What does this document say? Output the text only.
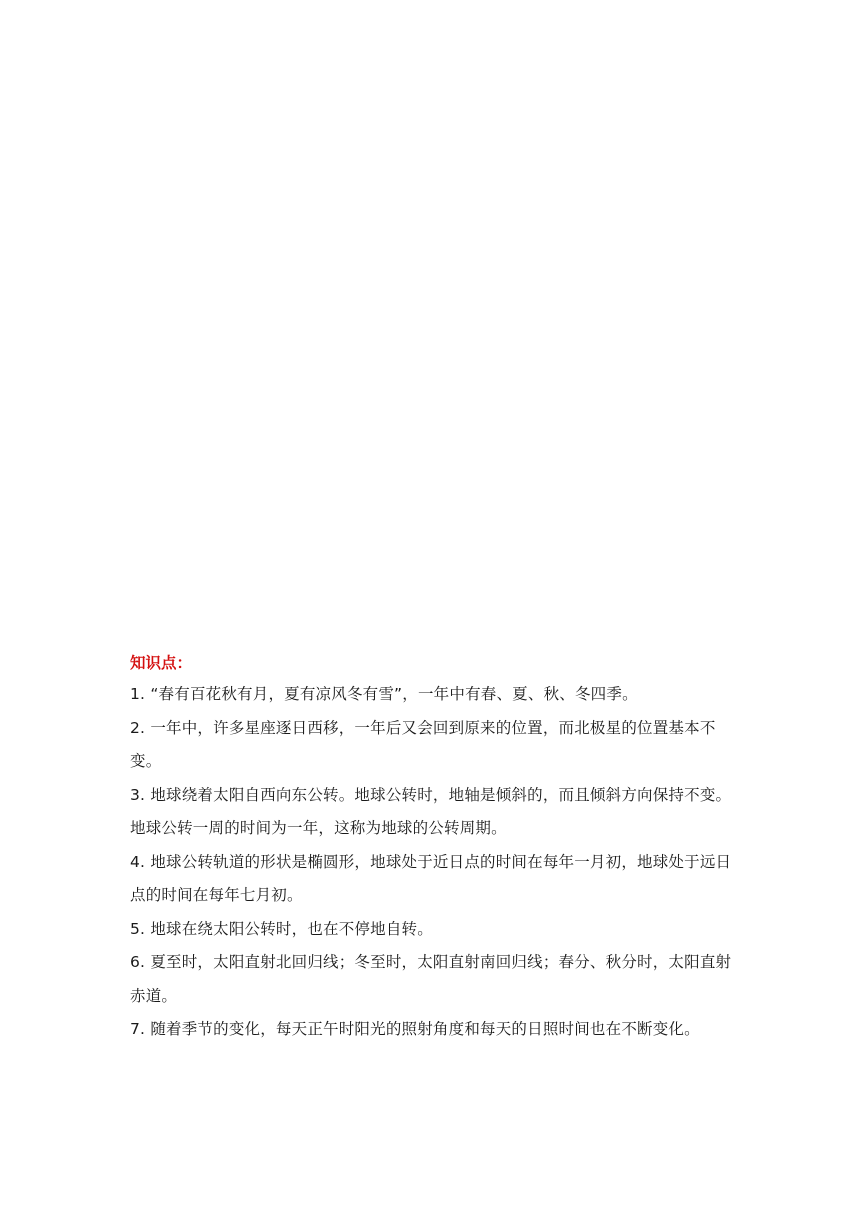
知识点：

1. “春有百花秋有月，夏有凉风冬有雪”，一年中有春、夏、秋、冬四季。

2. 一年中，许多星座逐日西移，一年后又会回到原来的位置，而北极星的位置基本不变。

3. 地球绕着太阳自西向东公转。地球公转时，地轴是倾斜的，而且倾斜方向保持不变。地球公转一周的时间为一年，这称为地球的公转周期。

4. 地球公转轨道的形状是椭圆形，地球处于近日点的时间在每年一月初，地球处于远日点的时间在每年七月初。

5. 地球在绕太阳公转时，也在不停地自转。

6. 夏至时，太阳直射北回归线；冬至时，太阳直射南回归线；春分、秋分时，太阳直射赤道。

7. 随着季节的变化，每天正午时阳光的照射角度和每天的日照时间也在不断变化。
